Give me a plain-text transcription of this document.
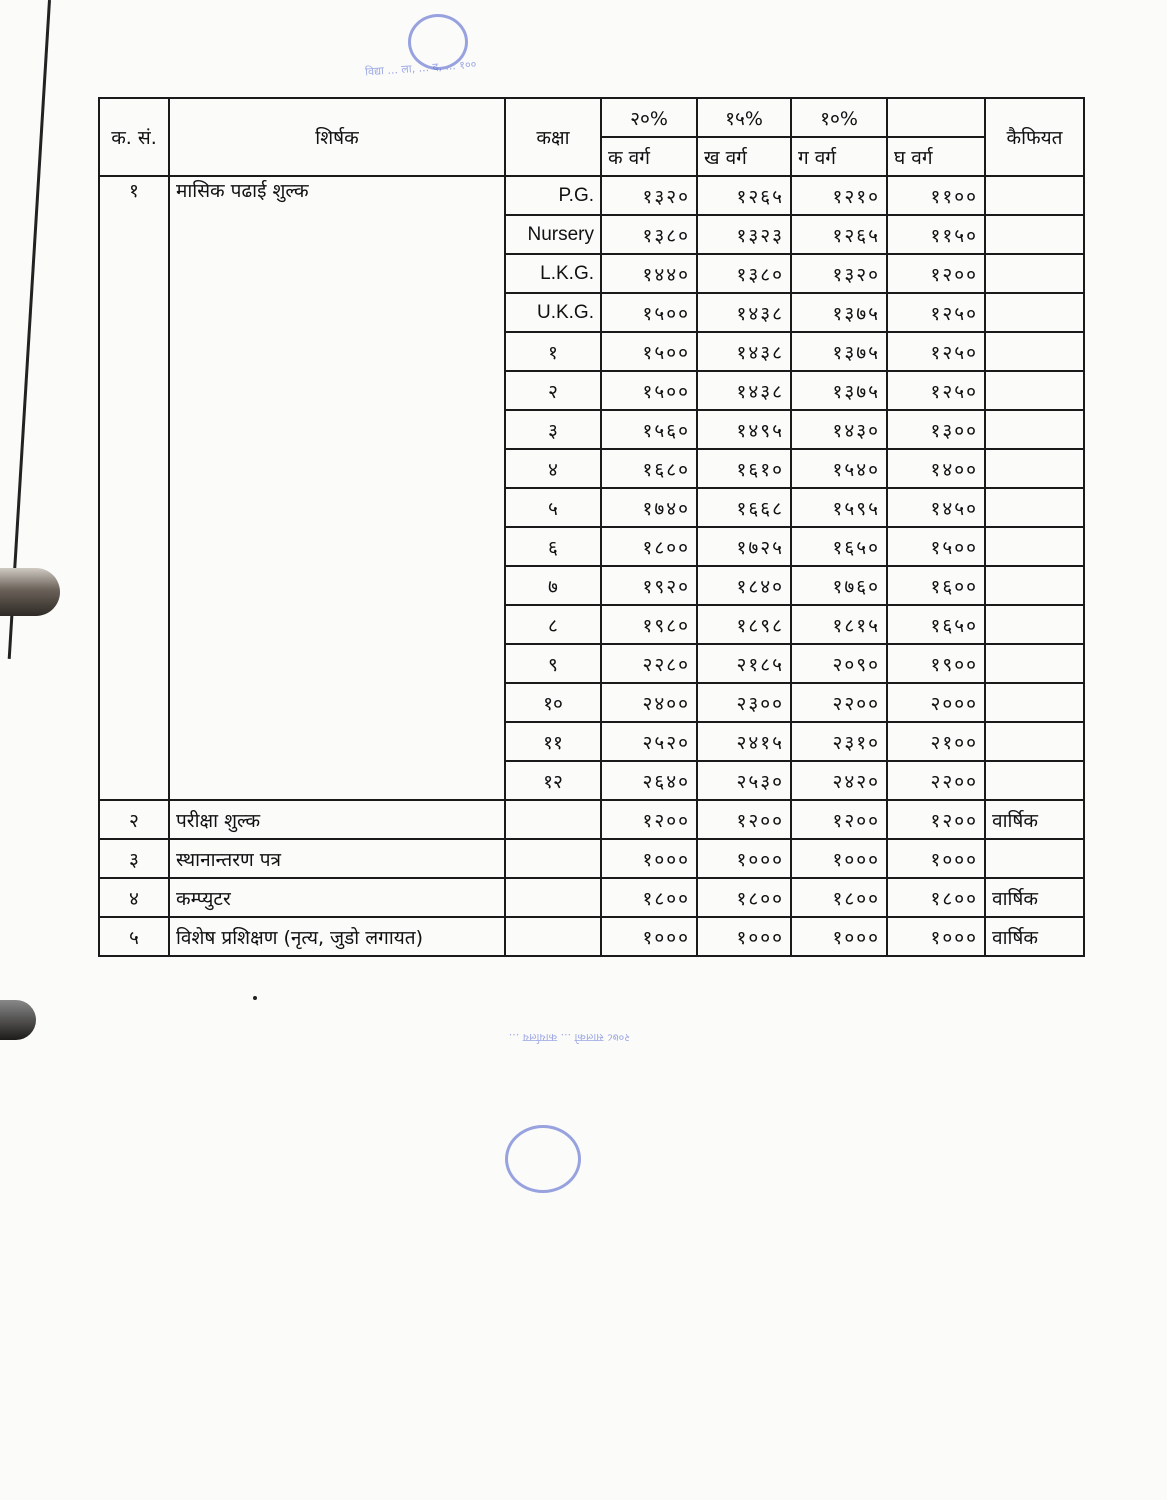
विद्या ... ला, ... द, ... १००
क. सं.	शिर्षक	कक्षा	२०%	१५%	१०%		कैफियत
			क वर्ग	ख वर्ग	ग वर्ग	घ वर्ग	
१	मासिक पढाई शुल्क	P.G.	१३२०	१२६५	१२१०	११००	
		Nursery	१३८०	१३२३	१२६५	११५०	
		L.K.G.	१४४०	१३८०	१३२०	१२००	
		U.K.G.	१५००	१४३८	१३७५	१२५०	
		१	१५००	१४३८	१३७५	१२५०	
		२	१५००	१४३८	१३७५	१२५०	
		३	१५६०	१४९५	१४३०	१३००	
		४	१६८०	१६१०	१५४०	१४००	
		५	१७४०	१६६८	१५९५	१४५०	
		६	१८००	१७२५	१६५०	१५००	
		७	१९२०	१८४०	१७६०	१६००	
		८	१९८०	१८९८	१८१५	१६५०	
		९	२२८०	२१८५	२०९०	१९००	
		१०	२४००	२३००	२२००	२०००	
		११	२५२०	२४१५	२३१०	२१००	
		१२	२६४०	२५३०	२४२०	२२००	
२	परीक्षा शुल्क		१२००	१२००	१२००	१२००	वार्षिक
३	स्थानान्तरण पत्र		१०००	१०००	१०००	१०००	
४	कम्प्युटर		१८००	१८००	१८००	१८००	वार्षिक
५	विशेष प्रशिक्षण (नृत्य, जुडो लगायत)		१०००	१०००	१०००	१०००	वार्षिक
२०७८ सालको ... कार्यालय ...
